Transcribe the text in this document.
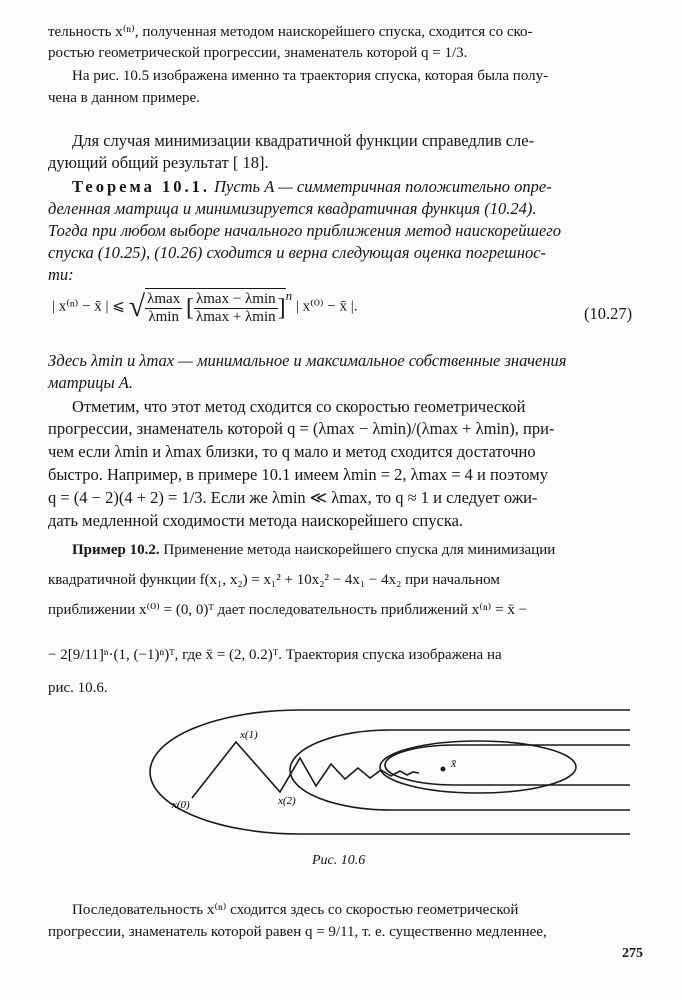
тельность x⁽ⁿ⁾, полученная методом наискорейшего спуска, сходится со ско-
ростью геометрической прогрессии, знаменатель которой q = 1/3.
На рис. 10.5 изображена именно та траектория спуска, которая была полу-
чена в данном примере.
Для случая минимизации квадратичной функции справедлив сле-
дующий общий результат [ 18].
Теорема 10.1. Пусть A — симметричная положительно опре-
деленная матрица и минимизируется квадратичная функция (10.24).
Тогда при любом выборе начального приближения метод наискорейшего
спуска (10.25), (10.26) сходится и верна следующая оценка погрешнос-
ти:
| x⁽ⁿ⁾ − x̄ | ⩽ √ $\frac{\lambda\max}{\lambda\min}$ [ $\frac{\lambda\max - \lambda\min}{\lambda\max + \lambda\min} ]^n$ | x⁽⁰⁾ − x̄ |.	(10.27)
Здесь λmin и λmax — минимальное и максимальное собственные значения
матрицы A.
Отметим, что этот метод сходится со скоростью геометрической
прогрессии, знаменатель которой q = (λmax − λmin)/(λmax + λmin), при-
чем если λmin и λmax близки, то q мало и метод сходится достаточно
быстро. Например, в примере 10.1 имеем λmin = 2, λmax = 4 и поэтому
q = (4 − 2)(4 + 2) = 1/3. Если же λmin ≪ λmax, то q ≈ 1 и следует ожи-
дать медленной сходимости метода наискорейшего спуска.
Пример 10.2. Применение метода наискорейшего спуска для минимизации
квадратичной функции f(x₁, x₂) = x₁² + 10x₂² − 4x₁ − 4x₂ при начальном
приближении x⁽⁰⁾ = (0, 0)ᵀ дает последовательность приближений x⁽ⁿ⁾ = x̄ −
− 2[9/11]ⁿ·(1, (−1)ⁿ)ᵀ, где x̄ = (2, 0.2)ᵀ. Траектория спуска изображена на
рис. 10.6.
x(0)
x(1)
x(2)
x̄
Рис. 10.6
Последовательность x⁽ⁿ⁾ сходится здесь со скоростью геометрической
прогрессии, знаменатель которой равен q = 9/11, т. е. существенно медленнее,
275
